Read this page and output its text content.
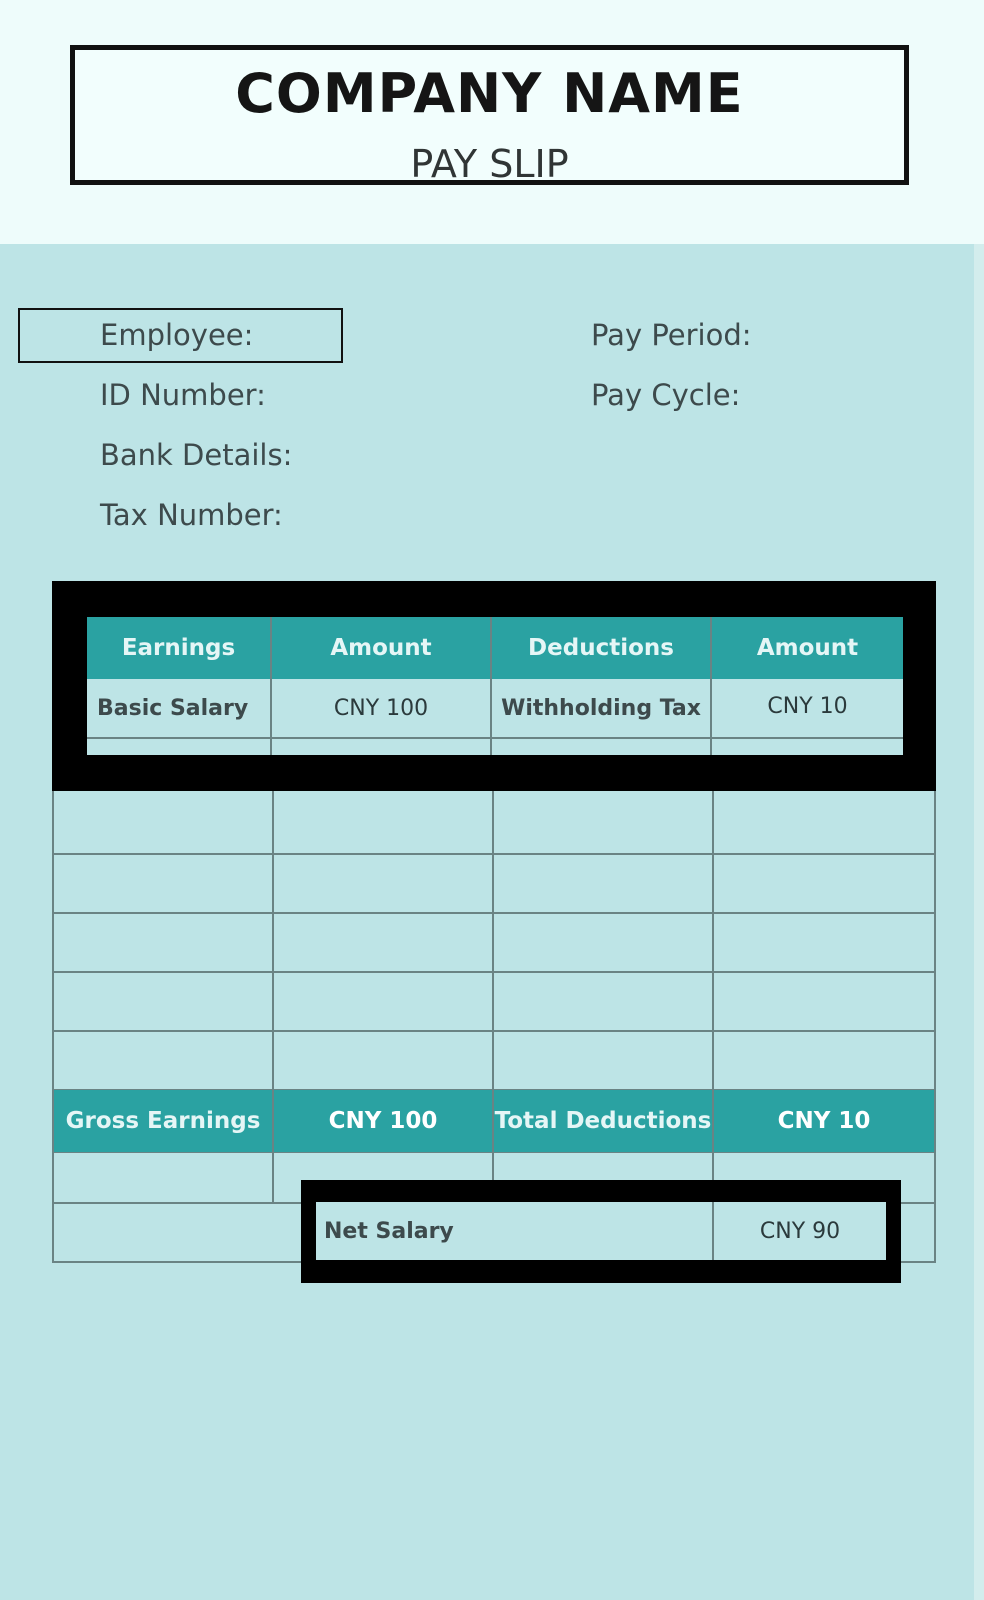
COMPANY NAME
PAY SLIP
Employee:
ID Number:
Bank Details:
Tax Number:
Pay Period:
Pay Cycle:
Earnings	Amount	Deductions	Amount
Basic Salary	CNY 100	Withholding Tax	CNY 10
Gross Earnings	CNY 100	Total Deductions	CNY 10
Net Salary	CNY 90
